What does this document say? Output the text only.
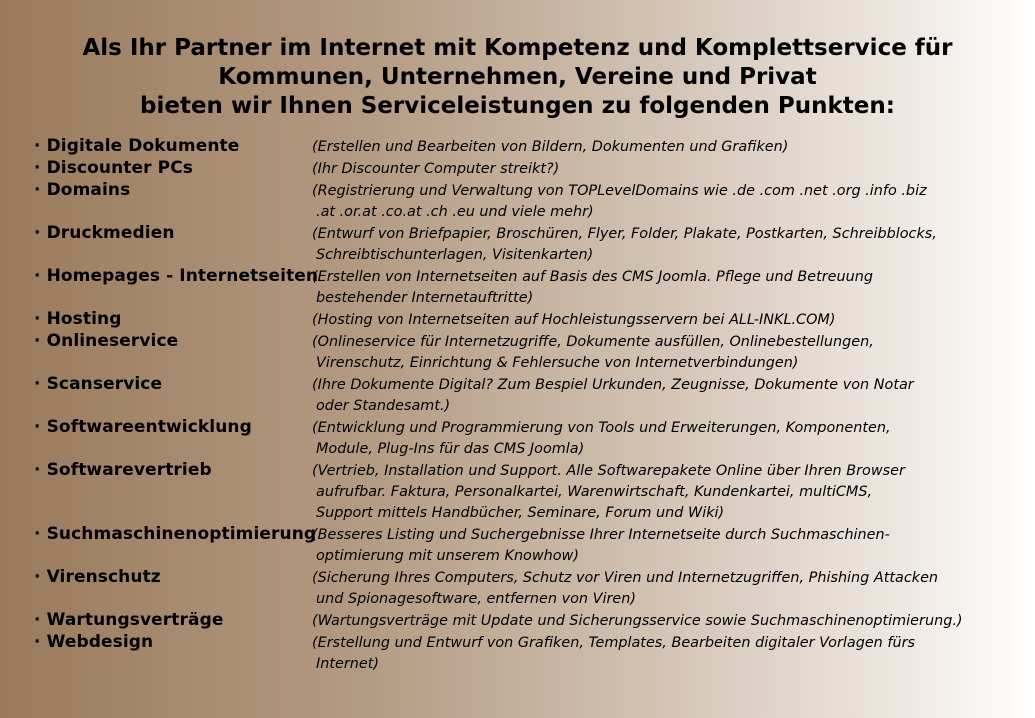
Als Ihr Partner im Internet mit Kompetenz und Komplettservice für
Kommunen, Unternehmen, Vereine und Privat
bieten wir Ihnen Serviceleistungen zu folgenden Punkten:
· Digitale Dokumente	(Erstellen und Bearbeiten von Bildern, Dokumenten und Grafiken)
· Discounter PCs	(Ihr Discounter Computer streikt?)
· Domains	(Registrierung und Verwaltung von TOPLevelDomains wie .de .com .net .org .info .biz
.at .or.at .co.at .ch .eu und viele mehr)
· Druckmedien	(Entwurf von Briefpapier, Broschüren, Flyer, Folder, Plakate, Postkarten, Schreibblocks,
Schreibtischunterlagen, Visitenkarten)
· Homepages - Internetseiten
(Erstellen von Internetseiten auf Basis des CMS Joomla. Pflege und Betreuung
bestehender Internetauftritte)
· Hosting	(Hosting von Internetseiten auf Hochleistungsservern bei ALL-INKL.COM)
· Onlineservice	(Onlineservice für Internetzugriffe, Dokumente ausfüllen, Onlinebestellungen,
Virenschutz, Einrichtung & Fehlersuche von Internetverbindungen)
· Scanservice	(Ihre Dokumente Digital? Zum Bespiel Urkunden, Zeugnisse, Dokumente von Notar
oder Standesamt.)
· Softwareentwicklung	(Entwicklung und Programmierung von Tools und Erweiterungen, Komponenten,
Module, Plug-Ins für das CMS Joomla)
· Softwarevertrieb	(Vertrieb, Installation und Support. Alle Softwarepakete Online über Ihren Browser
aufrufbar. Faktura, Personalkartei, Warenwirtschaft, Kundenkartei, multiCMS,
Support mittels Handbücher, Seminare, Forum und Wiki)
· Suchmaschinenoptimierung
(Besseres Listing und Suchergebnisse Ihrer Internetseite durch Suchmaschinen-
optimierung mit unserem Knowhow)
· Virenschutz	(Sicherung Ihres Computers, Schutz vor Viren und Internetzugriffen, Phishing Attacken
und Spionagesoftware, entfernen von Viren)
· Wartungsverträge	(Wartungsverträge mit Update und Sicherungsservice sowie Suchmaschinenoptimierung.)
· Webdesign	(Erstellung und Entwurf von Grafiken, Templates, Bearbeiten digitaler Vorlagen fürs
Internet)
